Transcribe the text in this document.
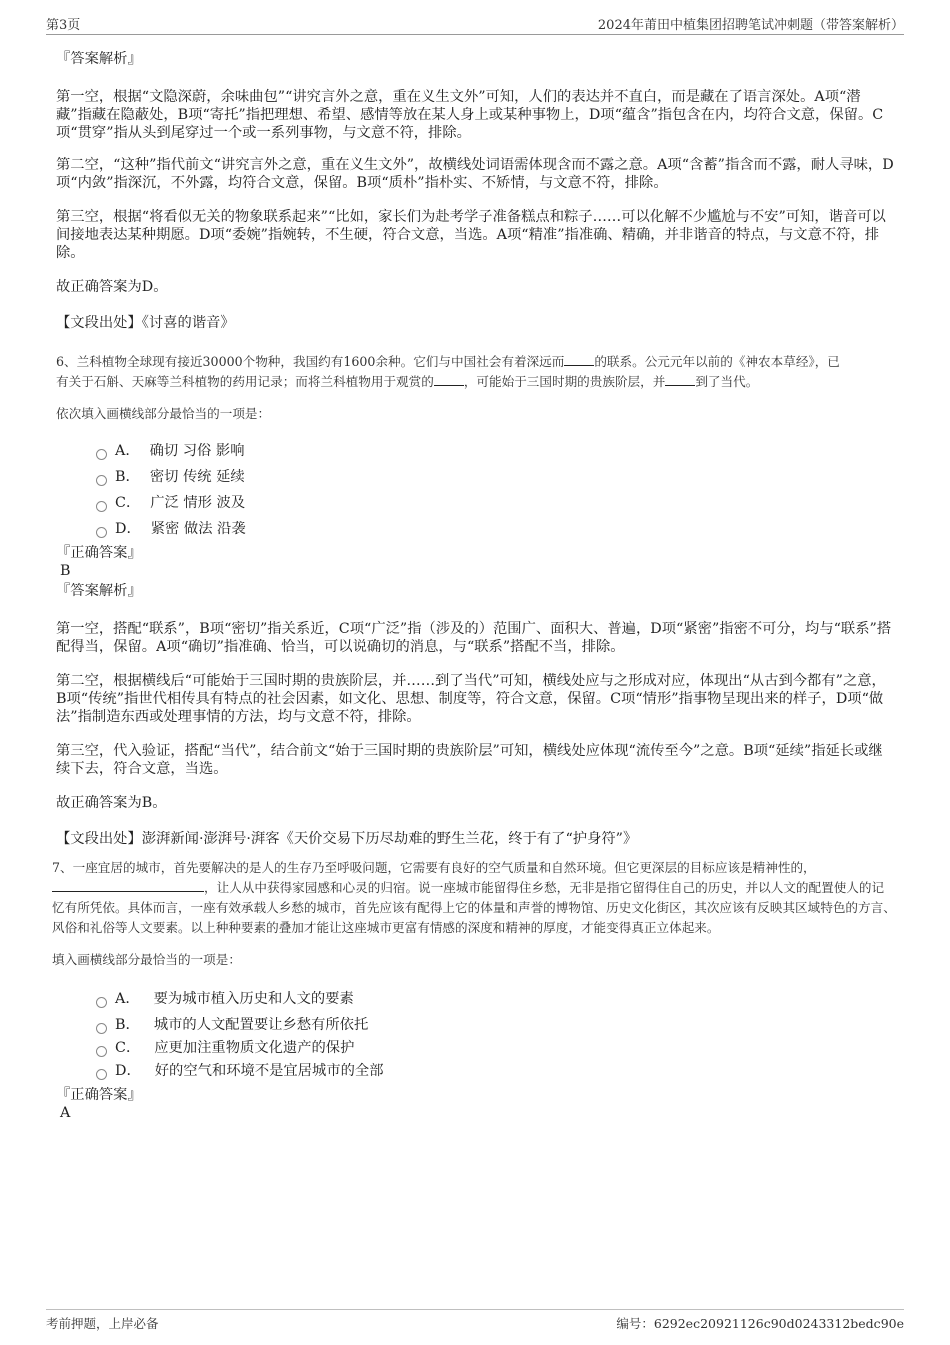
第3页	2024年莆田中植集团招聘笔试冲刺题（带答案解析）

『答案解析』

第一空，根据“文隐深蔚，余味曲包”“讲究言外之意，重在义生文外”可知，人们的表达并不直白，而是藏在了语言深处。A项“潜藏”指藏在隐蔽处，B项“寄托”指把理想、希望、感情等放在某人身上或某种事物上，D项“蕴含”指包含在内，均符合文意，保留。C项“贯穿”指从头到尾穿过一个或一系列事物，与文意不符，排除。

第二空，“这种”指代前文“讲究言外之意，重在义生文外”，故横线处词语需体现含而不露之意。A项“含蓄”指含而不露，耐人寻味，D项“内敛”指深沉，不外露，均符合文意，保留。B项“质朴”指朴实、不矫情，与文意不符，排除。

第三空，根据“将看似无关的物象联系起来”“比如，家长们为赴考学子准备糕点和粽子……可以化解不少尴尬与不安”可知，谐音可以间接地表达某种期愿。D项“委婉”指婉转，不生硬，符合文意，当选。A项“精准”指准确、精确，并非谐音的特点，与文意不符，排除。

故正确答案为D。

【文段出处】《讨喜的谐音》

6、兰科植物全球现有接近30000个物种，我国约有1600余种。它们与中国社会有着深远而 的联系。公元元年以前的《神农本草经》，已
有关于石斛、天麻等兰科植物的药用记录；而将兰科植物用于观赏的 ，可能始于三国时期的贵族阶层，并 到了当代。

依次填入画横线部分最恰当的一项是：

A． 确切 习俗 影响
B． 密切 传统 延续
C． 广泛 情形 波及
D． 紧密 做法 沿袭

『正确答案』

B

『答案解析』

第一空，搭配“联系”，B项“密切”指关系近，C项“广泛”指（涉及的）范围广、面积大、普遍，D项“紧密”指密不可分，均与“联系”搭配得当，保留。A项“确切”指准确、恰当，可以说确切的消息，与“联系”搭配不当，排除。

第二空，根据横线后“可能始于三国时期的贵族阶层，并……到了当代”可知，横线处应与之形成对应，体现出“从古到今都有”之意，B项“传统”指世代相传具有特点的社会因素，如文化、思想、制度等，符合文意，保留。C项“情形”指事物呈现出来的样子，D项“做法”指制造东西或处理事情的方法，均与文意不符，排除。

第三空，代入验证，搭配“当代”，结合前文“始于三国时期的贵族阶层”可知，横线处应体现“流传至今”之意。B项“延续”指延长或继续下去，符合文意，当选。

故正确答案为B。

【文段出处】澎湃新闻·澎湃号·湃客《天价交易下历尽劫难的野生兰花，终于有了“护身符”》

7、一座宜居的城市，首先要解决的是人的生存乃至呼吸问题，它需要有良好的空气质量和自然环境。但它更深层的目标应该是精神性的，
，让人从中获得家园感和心灵的归宿。说一座城市能留得住乡愁，无非是指它留得住自己的历史，并以人文的配置使人的记忆有所凭依。具体而言，一座有效承载人乡愁的城市，首先应该有配得上它的体量和声誉的博物馆、历史文化街区，其次应该有反映其区域特色的方言、风俗和礼俗等人文要素。以上种种要素的叠加才能让这座城市更富有情感的深度和精神的厚度，才能变得真正立体起来。

填入画横线部分最恰当的一项是：

A． 要为城市植入历史和人文的要素
B． 城市的人文配置要让乡愁有所依托
C． 应更加注重物质文化遗产的保护
D． 好的空气和环境不是宜居城市的全部

『正确答案』

A

考前押题，上岸必备	编号：6292ec20921126c90d0243312bedc90e
